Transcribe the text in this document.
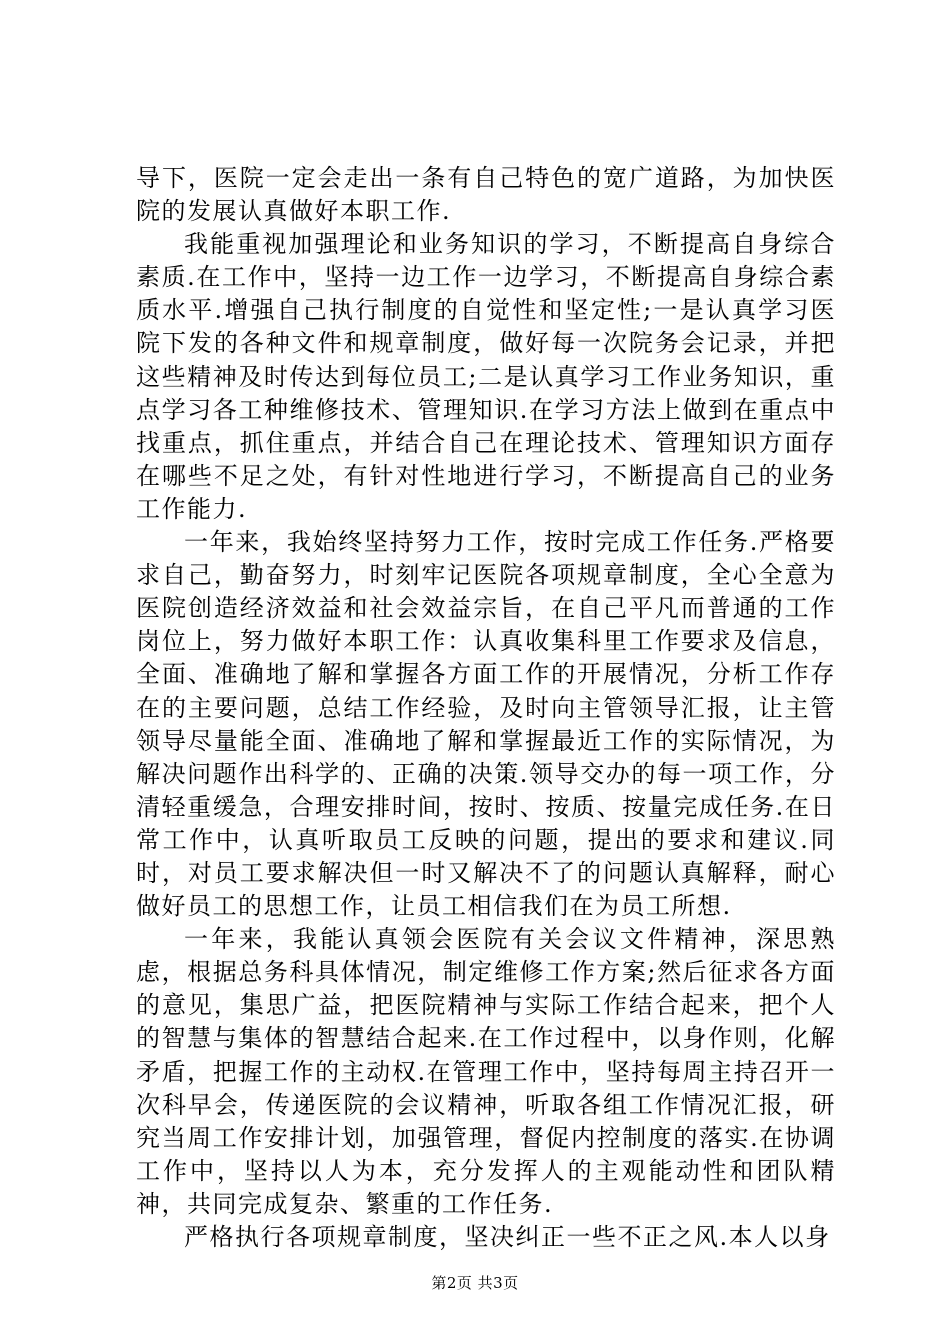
导下，医院一定会走出一条有自己特色的宽广道路，为加快医院的发展认真做好本职工作.

我能重视加强理论和业务知识的学习，不断提高自身综合素质.在工作中，坚持一边工作一边学习，不断提高自身综合素质水平.增强自己执行制度的自觉性和坚定性;一是认真学习医院下发的各种文件和规章制度，做好每一次院务会记录，并把这些精神及时传达到每位员工;二是认真学习工作业务知识，重点学习各工种维修技术、管理知识.在学习方法上做到在重点中找重点，抓住重点，并结合自己在理论技术、管理知识方面存在哪些不足之处，有针对性地进行学习，不断提高自己的业务工作能力.

一年来，我始终坚持努力工作，按时完成工作任务.严格要求自己，勤奋努力，时刻牢记医院各项规章制度，全心全意为医院创造经济效益和社会效益宗旨，在自己平凡而普通的工作岗位上，努力做好本职工作：认真收集科里工作要求及信息，全面、准确地了解和掌握各方面工作的开展情况，分析工作存在的主要问题，总结工作经验，及时向主管领导汇报，让主管领导尽量能全面、准确地了解和掌握最近工作的实际情况，为解决问题作出科学的、正确的决策.领导交办的每一项工作，分清轻重缓急，合理安排时间，按时、按质、按量完成任务.在日常工作中，认真听取员工反映的问题，提出的要求和建议.同时，对员工要求解决但一时又解决不了的问题认真解释，耐心做好员工的思想工作，让员工相信我们在为员工所想.

一年来，我能认真领会医院有关会议文件精神，深思熟虑，根据总务科具体情况，制定维修工作方案;然后征求各方面的意见，集思广益，把医院精神与实际工作结合起来，把个人的智慧与集体的智慧结合起来.在工作过程中，以身作则，化解矛盾，把握工作的主动权.在管理工作中，坚持每周主持召开一次科早会，传递医院的会议精神，听取各组工作情况汇报，研究当周工作安排计划，加强管理，督促内控制度的落实.在协调工作中，坚持以人为本，充分发挥人的主观能动性和团队精神，共同完成复杂、繁重的工作任务.

严格执行各项规章制度，坚决纠正一些不正之风.本人以身

第2页 共3页
